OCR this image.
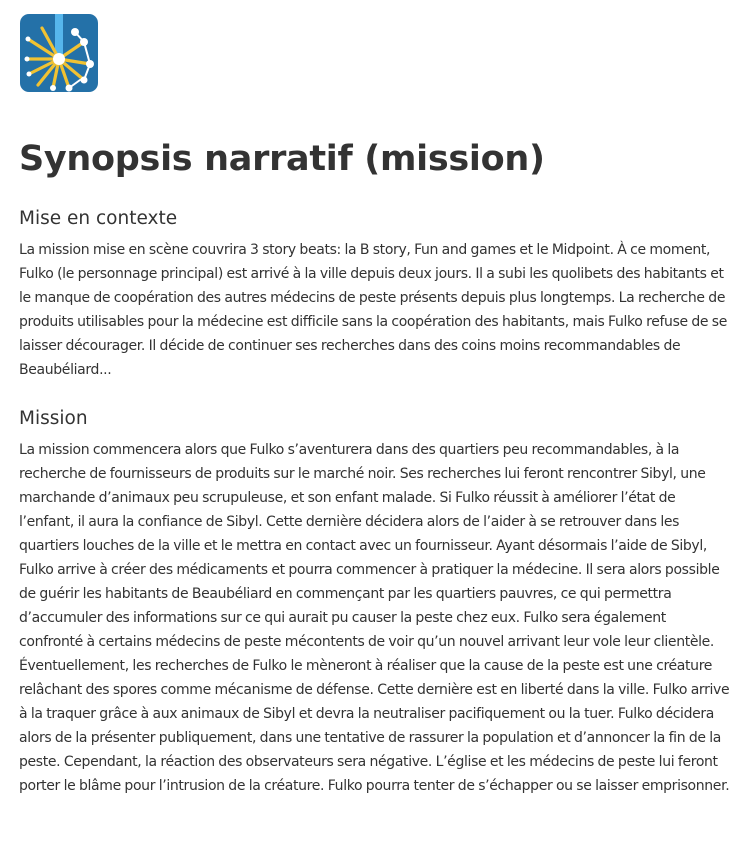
Synopsis narratif (mission)
Mise en contexte

La mission mise en scène couvrira 3 story beats: la B story, Fun and games et le Midpoint. À ce moment, Fulko (le personnage principal) est arrivé à la ville depuis deux jours. Il a subi les quolibets des habitants et le manque de coopération des autres médecins de peste présents depuis plus longtemps. La recherche de produits utilisables pour la médecine est difficile sans la coopération des habitants, mais Fulko refuse de se laisser décourager. Il décide de continuer ses recherches dans des coins moins recommandables de Beaubéliard...

Mission

La mission commencera alors que Fulko s’aventurera dans des quartiers peu recommandables, à la recherche de fournisseurs de produits sur le marché noir. Ses recherches lui feront rencontrer Sibyl, une marchande d’animaux peu scrupuleuse, et son enfant malade. Si Fulko réussit à améliorer l’état de l’enfant, il aura la confiance de Sibyl. Cette dernière décidera alors de l’aider à se retrouver dans les quartiers louches de la ville et le mettra en contact avec un fournisseur. Ayant désormais l’aide de Sibyl, Fulko arrive à créer des médicaments et pourra commencer à pratiquer la médecine. Il sera alors possible de guérir les habitants de Beaubéliard en commençant par les quartiers pauvres, ce qui permettra d’accumuler des informations sur ce qui aurait pu causer la peste chez eux. Fulko sera également confronté à certains médecins de peste mécontents de voir qu’un nouvel arrivant leur vole leur clientèle. Éventuellement, les recherches de Fulko le mèneront à réaliser que la cause de la peste est une créature relâchant des spores comme mécanisme de défense. Cette dernière est en liberté dans la ville. Fulko arrive à la traquer grâce à aux animaux de Sibyl et devra la neutraliser pacifiquement ou la tuer. Fulko décidera alors de la présenter publiquement, dans une tentative de rassurer la population et d’annoncer la fin de la peste. Cependant, la réaction des observateurs sera négative. L’église et les médecins de peste lui feront porter le blâme pour l’intrusion de la créature. Fulko pourra tenter de s’échapper ou se laisser emprisonner.
